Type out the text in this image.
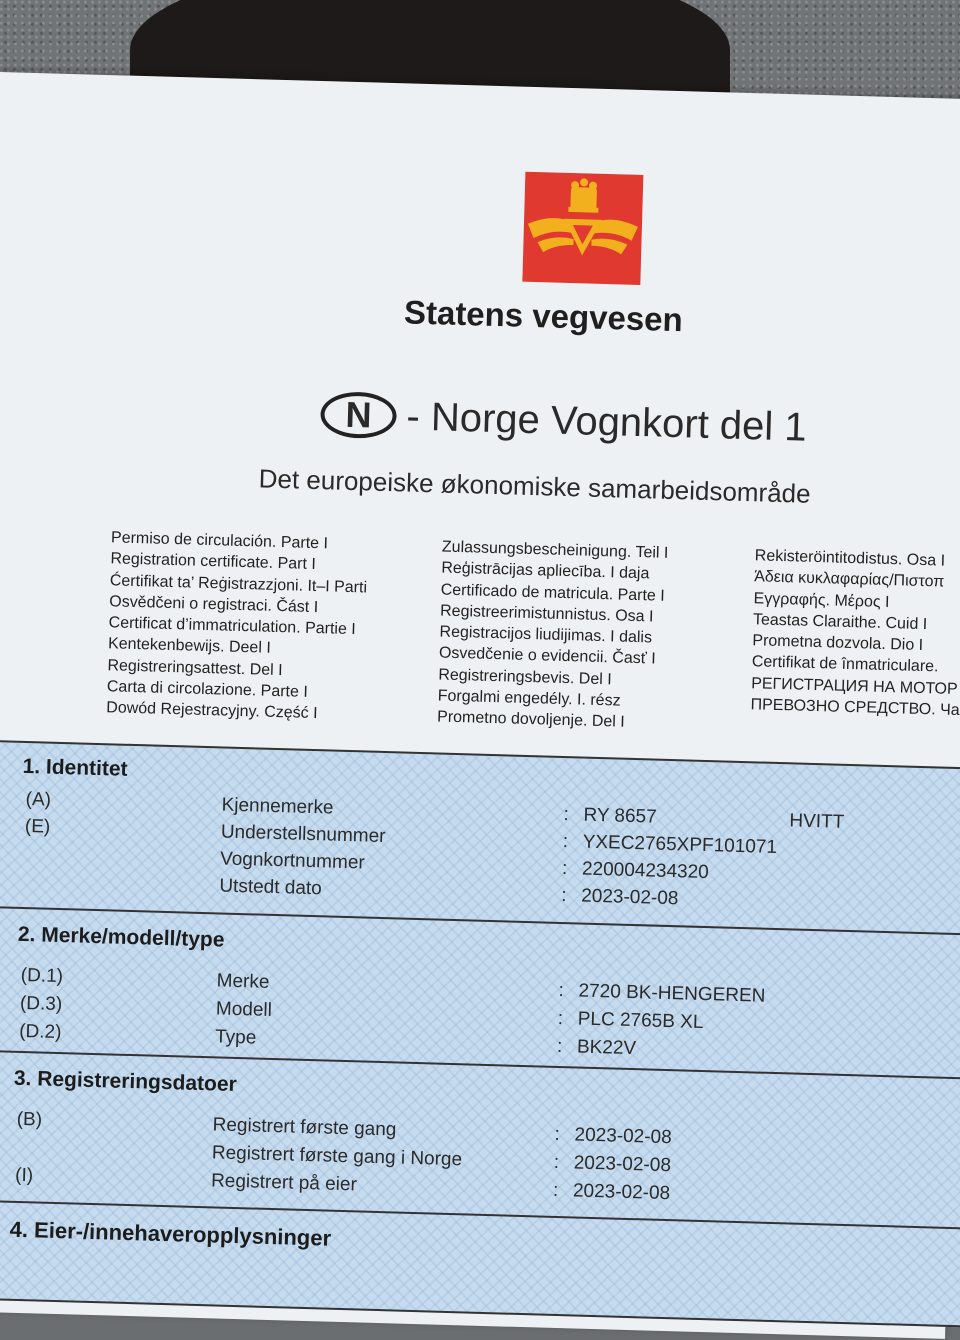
Statens vegvesen
N - Norge Vognkort del 1
Det europeiske økonomiske samarbeidsområde
Permiso de circulación. Parte I
Registration certificate. Part I
Ćertifikat ta’ Reġistrazzjoni. It–I Parti
Osvědčeni o registraci. Část I
Certificat d’immatriculation. Partie I
Kentekenbewijs. Deel I
Registreringsattest. Del I
Carta di circolazione. Parte I
Dowód Rejestracyjny. Część I
Zulassungsbescheinigung. Teil I
Reģistrācijas apliecība. I daja
Certificado de matricula. Parte I
Registreerimistunnistus. Osa I
Registracijos liudijimas. I dalis
Osvedčenie o evidencii. Časť I
Registreringsbevis. Del I
Forgalmi engedély. I. rész
Prometno dovoljenje. Del I
Rekisteröintitodistus. Osa I
Άδεια κυκλαφαρίας/Πιστοπ
Εγγραφής. Μέρος I
Teastas Claraithe. Cuid I
Prometna dozvola. Dio I
Certifikat de înmatriculare.
РЕГИСТРАЦИЯ НА МОТОР
ПРЕВОЗНО СРЕДСТВО. Ча
1. Identitet
(A)	Kjennemerke	: RY 8657	HVITT
(E)	Understellsnummer	: YXEC2765XPF101071
Vognkortnummer	: 220004234320
Utstedt dato	: 2023-02-08
2. Merke/modell/type
(D.1)	Merke	: 2720 BK-HENGEREN
(D.3)	Modell	: PLC 2765B XL
(D.2)	Type	: BK22V
3. Registreringsdatoer
(B)	Registrert første gang	: 2023-02-08
Registrert første gang i Norge	: 2023-02-08
(I)	Registrert på eier	: 2023-02-08
4. Eier-/innehaveropplysninger
